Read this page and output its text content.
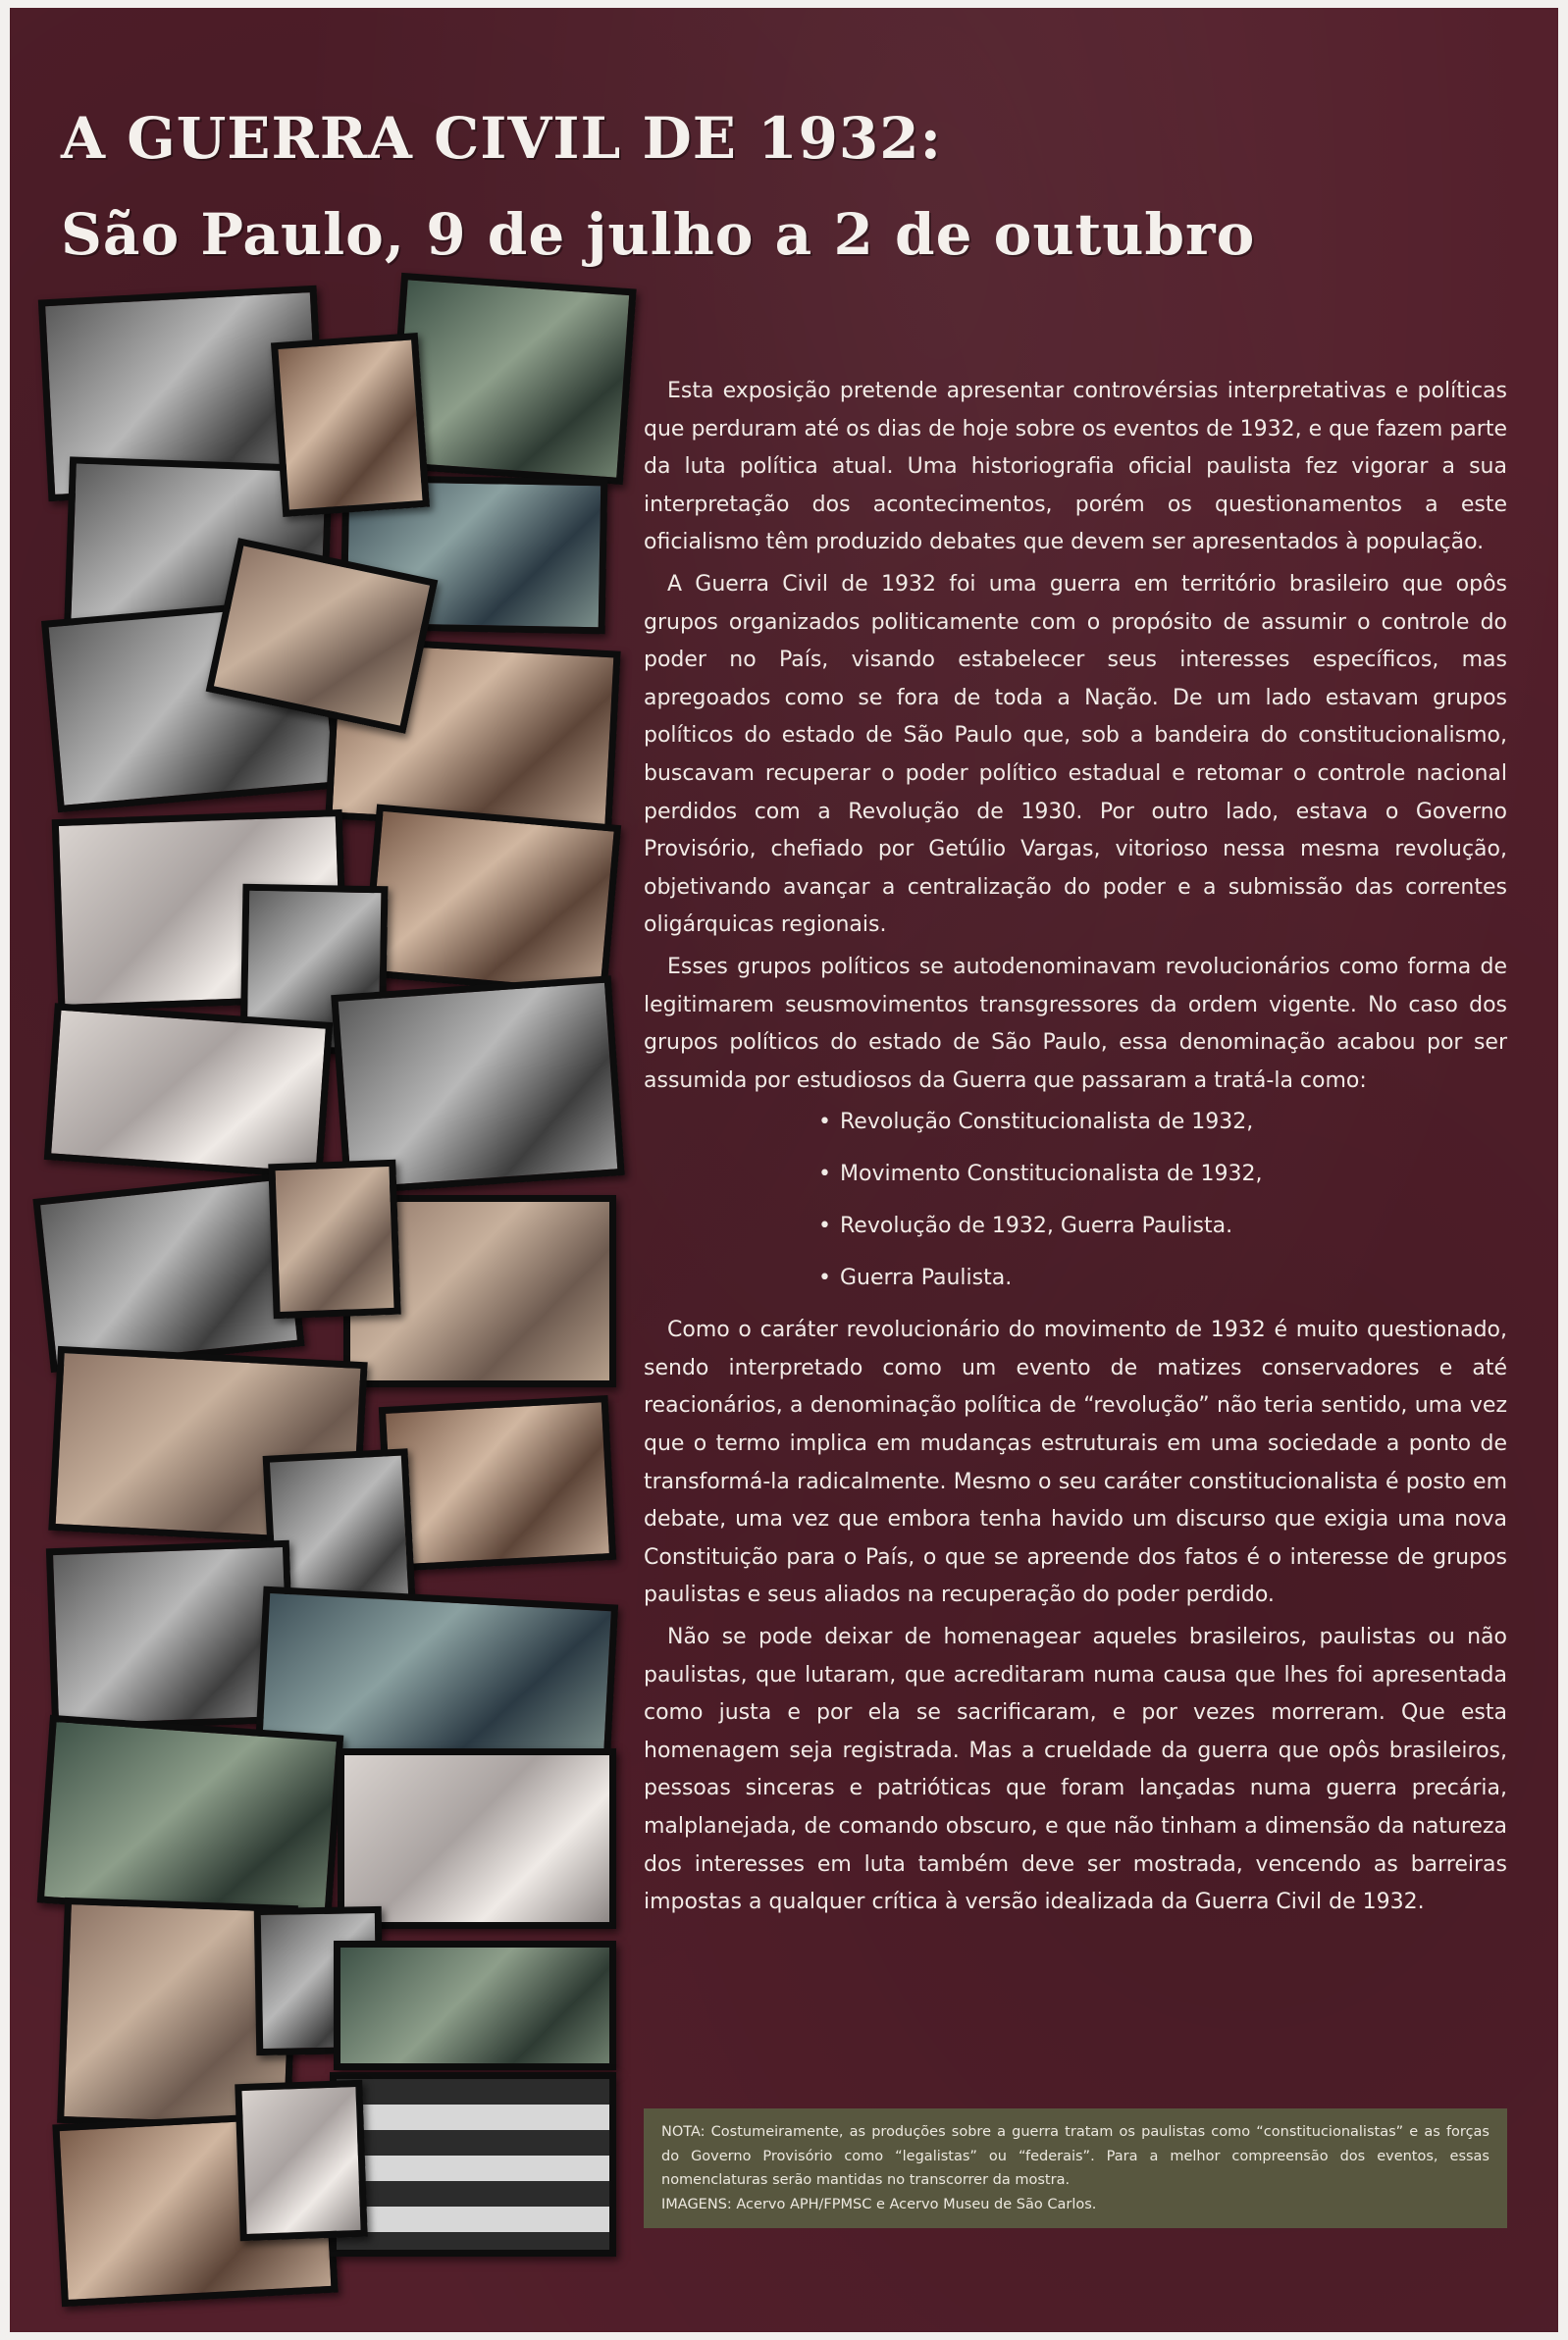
A GUERRA CIVIL DE 1932:
São Paulo, 9 de julho a 2 de outubro

Esta exposição pretende apresentar controvérsias interpretativas e políticas que perduram até os dias de hoje sobre os eventos de 1932, e que fazem parte da luta política atual. Uma historiografia oficial paulista fez vigorar a sua interpretação dos acontecimentos, porém os questionamentos a este oficialismo têm produzido debates que devem ser apresentados à população.

A Guerra Civil de 1932 foi uma guerra em território brasileiro que opôs grupos organizados politicamente com o propósito de assumir o controle do poder no País, visando estabelecer seus interesses específicos, mas apregoados como se fora de toda a Nação. De um lado estavam grupos políticos do estado de São Paulo que, sob a bandeira do constitucionalismo, buscavam recuperar o poder político estadual e retomar o controle nacional perdidos com a Revolução de 1930. Por outro lado, estava o Governo Provisório, chefiado por Getúlio Vargas, vitorioso nessa mesma revolução, objetivando avançar a centralização do poder e a submissão das correntes oligárquicas regionais.

Esses grupos políticos se autodenominavam revolucionários como forma de legitimarem seusmovimentos transgressores da ordem vigente. No caso dos grupos políticos do estado de São Paulo, essa denominação acabou por ser assumida por estudiosos da Guerra que passaram a tratá-la como:

• Revolução Constitucionalista de 1932,
• Movimento Constitucionalista de 1932,
• Revolução de 1932, Guerra Paulista.
• Guerra Paulista.

Como o caráter revolucionário do movimento de 1932 é muito questionado, sendo interpretado como um evento de matizes conservadores e até reacionários, a denominação política de “revolução” não teria sentido, uma vez que o termo implica em mudanças estruturais em uma sociedade a ponto de transformá-la radicalmente. Mesmo o seu caráter constitucionalista é posto em debate, uma vez que embora tenha havido um discurso que exigia uma nova Constituição para o País, o que se apreende dos fatos é o interesse de grupos paulistas e seus aliados na recuperação do poder perdido.

Não se pode deixar de homenagear aqueles brasileiros, paulistas ou não paulistas, que lutaram, que acreditaram numa causa que lhes foi apresentada como justa e por ela se sacrificaram, e por vezes morreram. Que esta homenagem seja registrada. Mas a crueldade da guerra que opôs brasileiros, pessoas sinceras e patrióticas que foram lançadas numa guerra precária, malplanejada, de comando obscuro, e que não tinham a dimensão da natureza dos interesses em luta também deve ser mostrada, vencendo as barreiras impostas a qualquer crítica à versão idealizada da Guerra Civil de 1932.

NOTA: Costumeiramente, as produções sobre a guerra tratam os paulistas como “constitucionalistas” e as forças do Governo Provisório como “legalistas” ou “federais”. Para a melhor compreensão dos eventos, essas nomenclaturas serão mantidas no transcorrer da mostra.

IMAGENS: Acervo APH/FPMSC e Acervo Museu de São Carlos.
